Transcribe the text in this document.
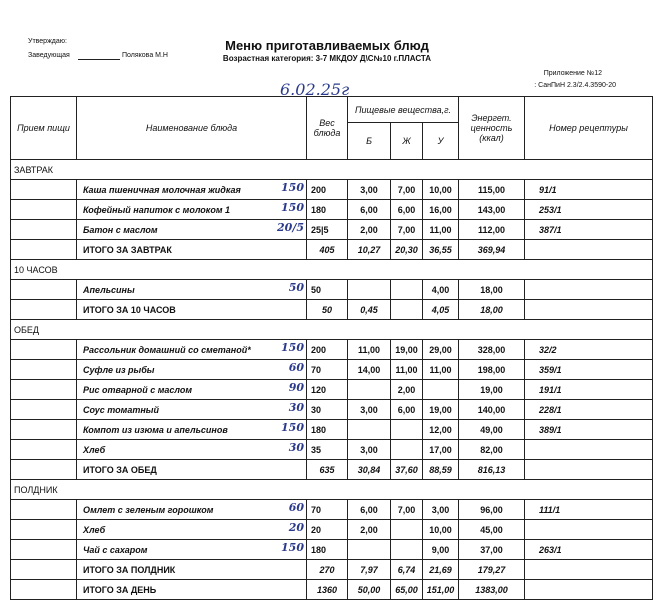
Утверждаю:
Заведующая	Полякова М.Н
Меню приготавливаемых блюд
Возрастная категория: 3-7 МКДОУ Д\С№10 г.ПЛАСТА
Приложение №12
: СанПиН 2.3/2.4.3590-20
6.02.25г
Прием пищи	Наименование блюда	Вес блюда	Пищевые вещества,г.			Энергет. ценность (ккал)	Номер рецептуры
			Б	Ж	У		
ЗАВТРАК							
	Каша пшеничная молочная жидкая 150	200	3,00	7,00	10,00	115,00	91/1
	Кофейный напиток с молоком 1 150	180	6,00	6,00	16,00	143,00	253/1
	Батон с маслом 20/5	25|5	2,00	7,00	11,00	112,00	387/1
	ИТОГО ЗА ЗАВТРАК	405	10,27	20,30	36,55	369,94	
10 ЧАСОВ							
	Апельсины 50	50			4,00	18,00	
	ИТОГО ЗА 10 ЧАСОВ	50	0,45		4,05	18,00	
ОБЕД							
	Рассольник домашний со сметаной* 150	200	11,00	19,00	29,00	328,00	32/2
	Суфле из рыбы 60	70	14,00	11,00	11,00	198,00	359/1
	Рис отварной с маслом 90	120		2,00		19,00	191/1
	Соус томатный 30	30	3,00	6,00	19,00	140,00	228/1
	Компот из изюма и апельсинов 150	180			12,00	49,00	389/1
	Хлеб 30	35	3,00		17,00	82,00	
	ИТОГО ЗА ОБЕД	635	30,84	37,60	88,59	816,13	
ПОЛДНИК							
	Омлет с зеленым горошком 60	70	6,00	7,00	3,00	96,00	111/1
	Хлеб 20	20	2,00		10,00	45,00	
	Чай с сахаром 150	180			9,00	37,00	263/1
	ИТОГО ЗА ПОЛДНИК	270	7,97	6,74	21,69	179,27	
	ИТОГО ЗА ДЕНЬ	1360	50,00	65,00	151,00	1383,00	
